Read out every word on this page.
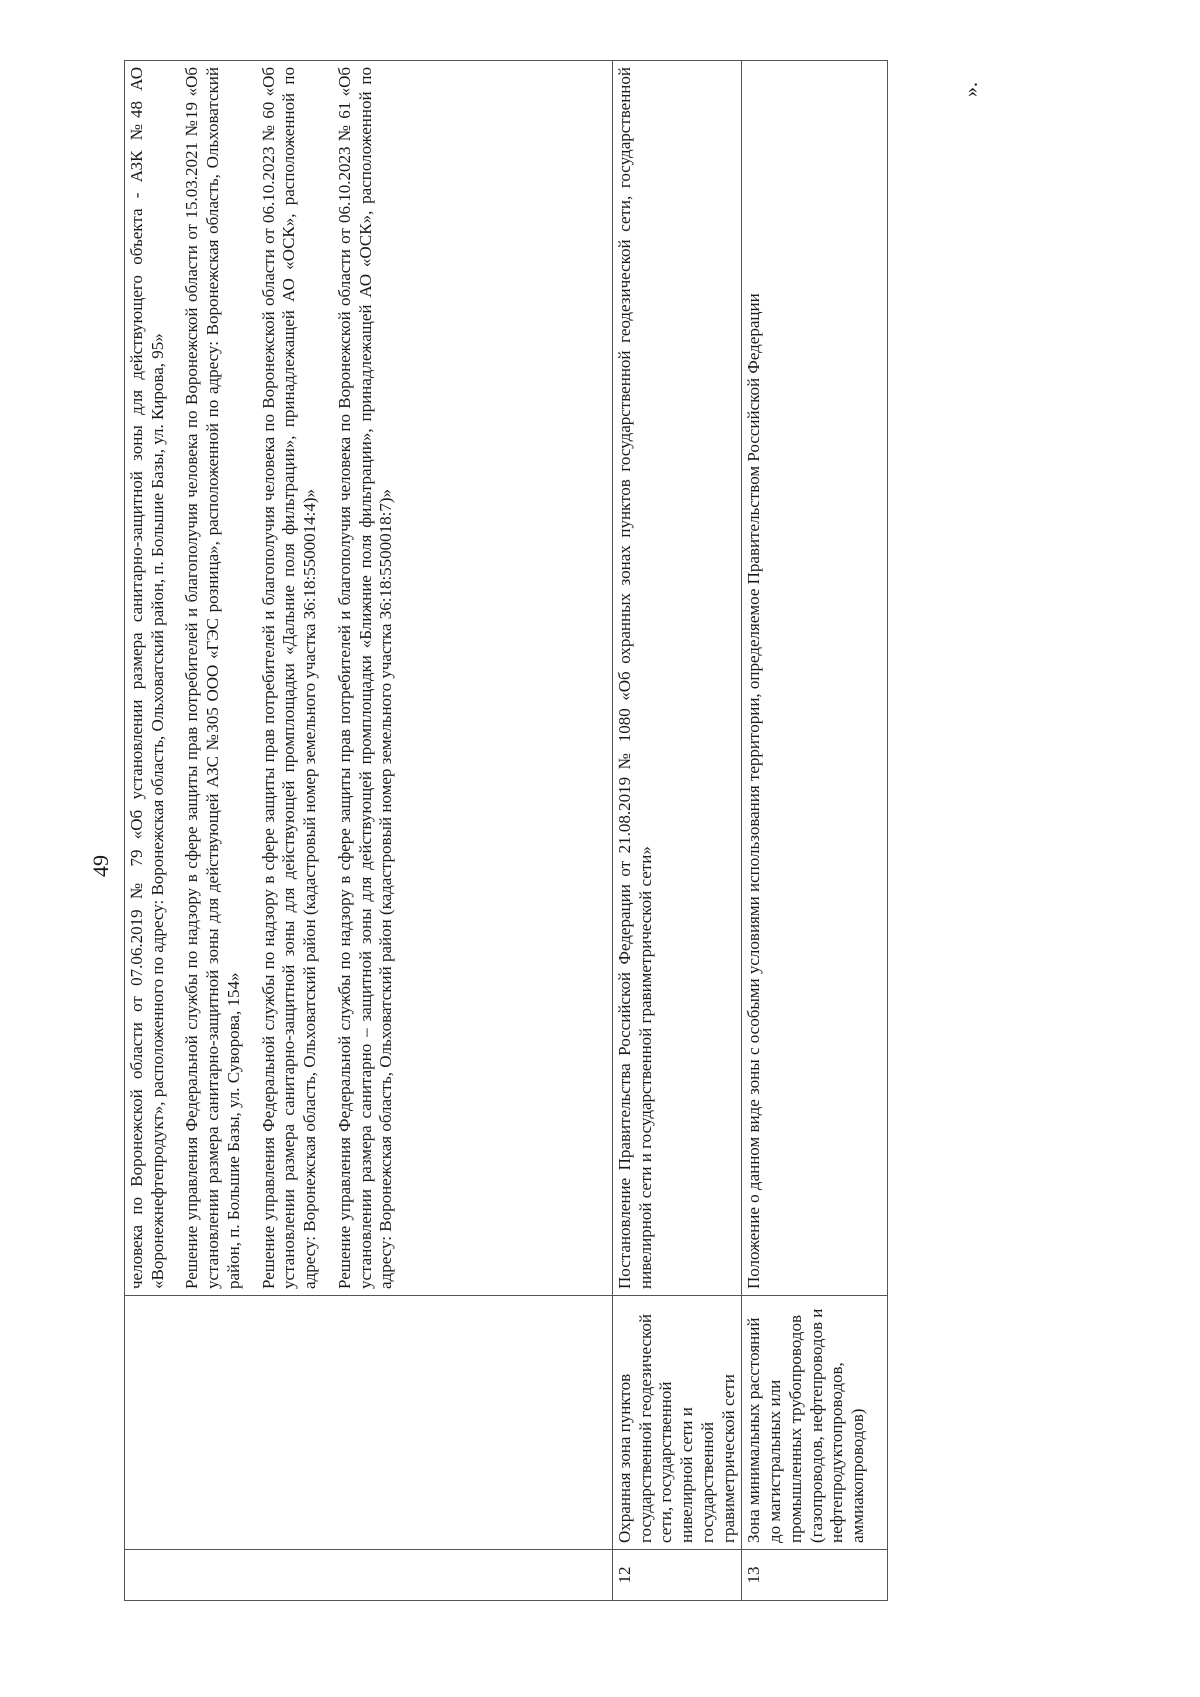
49

		человека по Воронежской области от 07.06.2019 № 79 «Об установлении размера санитарно-защитной зоны для действующего объекта - АЗК №48 АО «Воронежнефтепродукт», расположенного по адресу: Воронежская область, Ольховатский район, п. Большие Базы, ул. Кирова, 95» Решение управления Федеральной службы по надзору в сфере защиты прав потребителей и благополучия человека по Воронежской области от 15.03.2021 №19 «Об установлении размера санитарно-защитной зоны для действующей АЗС №305 ООО «ГЭС розница», расположенной по адресу: Воронежская область, Ольховатский район, п. Большие Базы, ул. Суворова, 154» Решение управления Федеральной службы по надзору в сфере защиты прав потребителей и благополучия человека по Воронежской области от 06.10.2023 № 60 «Об установлении размера санитарно-защитной зоны для действующей промплощадки «Дальние поля фильтрации», принадлежащей АО «ОСК», расположенной по адресу: Воронежская область, Ольховатский район (кадастровый номер земельного участка 36:18:5500014:4)» Решение управления Федеральной службы по надзору в сфере защиты прав потребителей и благополучия человека по Воронежской области от 06.10.2023 № 61 «Об установлении размера санитарно – защитной зоны для действующей промплощадки «Ближние поля фильтрации», принадлежащей АО «ОСК», расположенной по адресу: Воронежская область, Ольховатский район (кадастровый номер земельного участка 36:18:5500018:7)»

12	Охранная зона пунктов государственной геодезической сети, государственной нивелирной сети и государственной гравиметрической сети	Постановление Правительства Российской Федерации от 21.08.2019 № 1080 «Об охранных зонах пунктов государственной геодезической сети, государственной нивелирной сети и государственной гравиметрической сети»

13	Зона минимальных расстояний до магистральных или промышленных трубопроводов (газопроводов, нефтепроводов и нефтепродуктопроводов, аммиакопроводов)	Положение о данном виде зоны с особыми условиями использования территории, определяемое Правительством Российской Федерации

».
